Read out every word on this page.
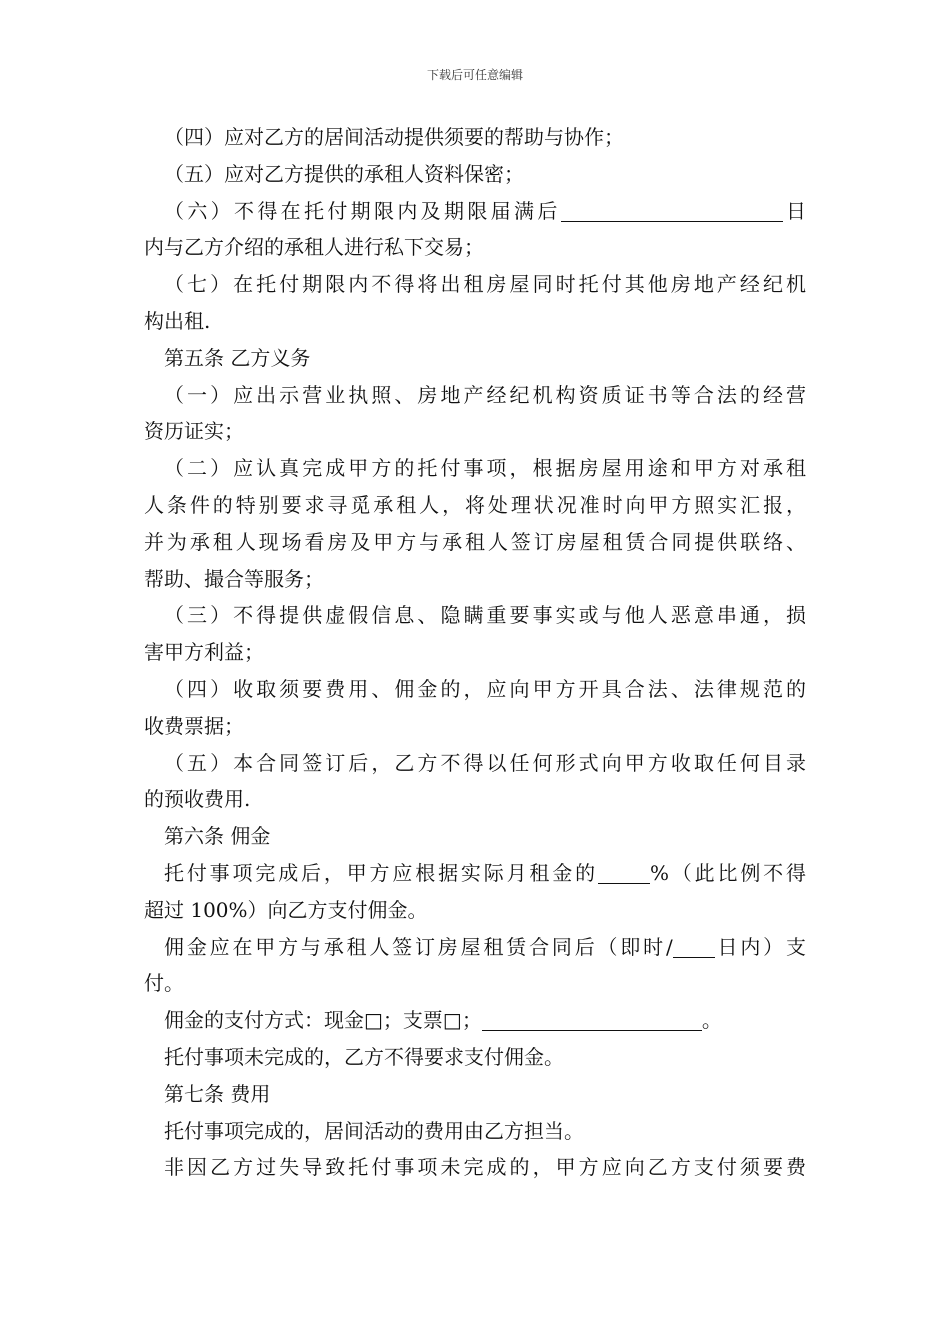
下载后可任意编辑
（四）应对乙方的居间活动提供须要的帮助与协作；
（五）应对乙方提供的承租人资料保密；
（六）不得在托付期限内及期限届满后	日
内与乙方介绍的承租人进行私下交易；
（七）在托付期限内不得将出租房屋同时托付其他房地产经纪机
构出租.
第五条 乙方义务
（一）应出示营业执照、房地产经纪机构资质证书等合法的经营
资历证实；
（二）应认真完成甲方的托付事项，根据房屋用途和甲方对承租
人条件的特别要求寻觅承租人，将处理状况准时向甲方照实汇报，
并为承租人现场看房及甲方与承租人签订房屋租赁合同提供联络、
帮助、撮合等服务；
（三）不得提供虚假信息、隐瞒重要事实或与他人恶意串通，损
害甲方利益；
（四）收取须要费用、佣金的，应向甲方开具合法、法律规范的
收费票据；
（五）本合同签订后，乙方不得以任何形式向甲方收取任何目录
的预收费用.
第六条 佣金
托付事项完成后，甲方应根据实际月租金的	%（此比例不得
超过 100%）向乙方支付佣金。
佣金应在甲方与承租人签订房屋租赁合同后（即时/ 日内）支
付。
佣金的支付方式：现金□；支票□；	。
托付事项未完成的，乙方不得要求支付佣金。
第七条 费用
托付事项完成的，居间活动的费用由乙方担当。
非因乙方过失导致托付事项未完成的，甲方应向乙方支付须要费
